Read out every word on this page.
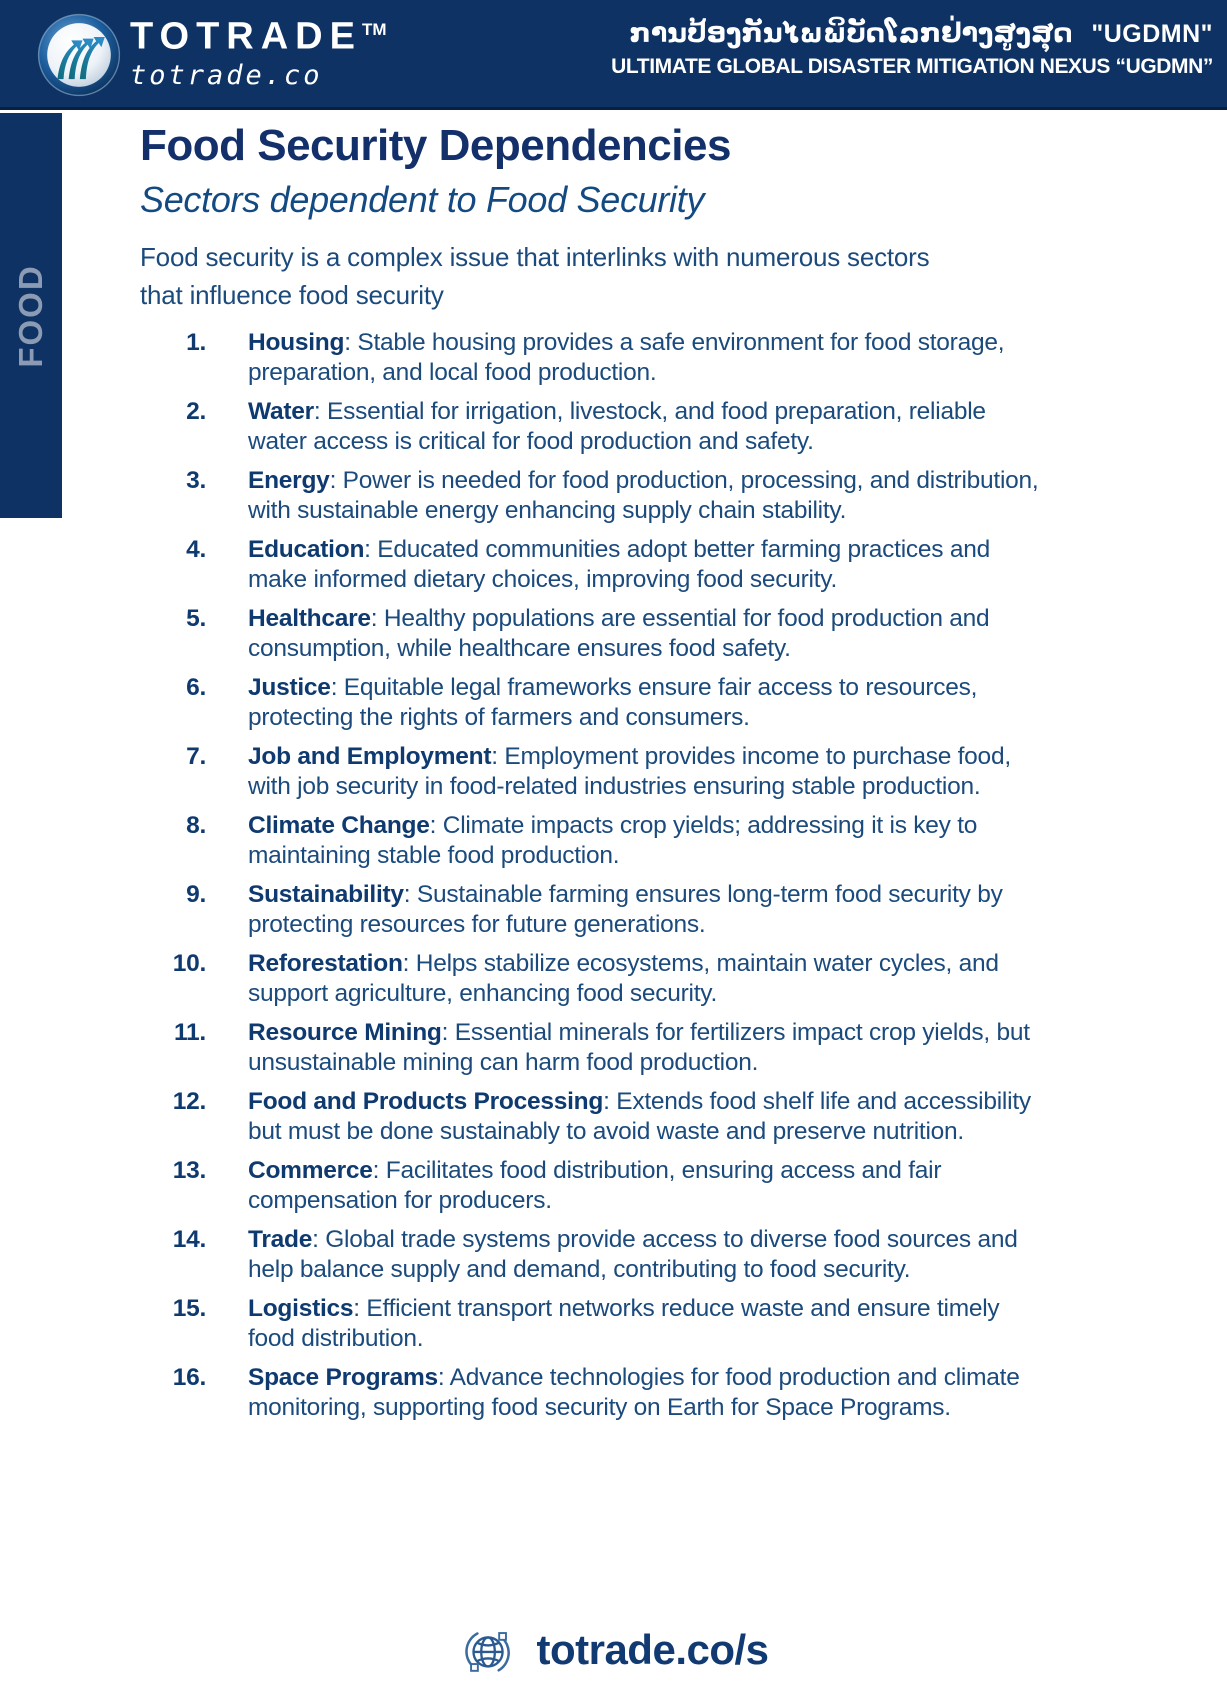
TOTRADE™
totrade.co
ການປ້ອງກັນໄພພິບັດໂລກຢ່າງສູງສຸດ "UGDMN"
ULTIMATE GLOBAL DISASTER MITIGATION NEXUS “UGDMN”
FOOD
Food Security Dependencies
Sectors dependent to Food Security

Food security is a complex issue that interlinks with numerous sectors that influence food security

1. Housing: Stable housing provides a safe environment for food storage, preparation, and local food production.
2. Water: Essential for irrigation, livestock, and food preparation, reliable water access is critical for food production and safety.
3. Energy: Power is needed for food production, processing, and distribution, with sustainable energy enhancing supply chain stability.
4. Education: Educated communities adopt better farming practices and make informed dietary choices, improving food security.
5. Healthcare: Healthy populations are essential for food production and consumption, while healthcare ensures food safety.
6. Justice: Equitable legal frameworks ensure fair access to resources, protecting the rights of farmers and consumers.
7. Job and Employment: Employment provides income to purchase food, with job security in food-related industries ensuring stable production.
8. Climate Change: Climate impacts crop yields; addressing it is key to maintaining stable food production.
9. Sustainability: Sustainable farming ensures long-term food security by protecting resources for future generations.
10. Reforestation: Helps stabilize ecosystems, maintain water cycles, and support agriculture, enhancing food security.
11. Resource Mining: Essential minerals for fertilizers impact crop yields, but unsustainable mining can harm food production.
12. Food and Products Processing: Extends food shelf life and accessibility but must be done sustainably to avoid waste and preserve nutrition.
13. Commerce: Facilitates food distribution, ensuring access and fair compensation for producers.
14. Trade: Global trade systems provide access to diverse food sources and help balance supply and demand, contributing to food security.
15. Logistics: Efficient transport networks reduce waste and ensure timely food distribution.
16. Space Programs: Advance technologies for food production and climate monitoring, supporting food security on Earth for Space Programs.
totrade.co/s
